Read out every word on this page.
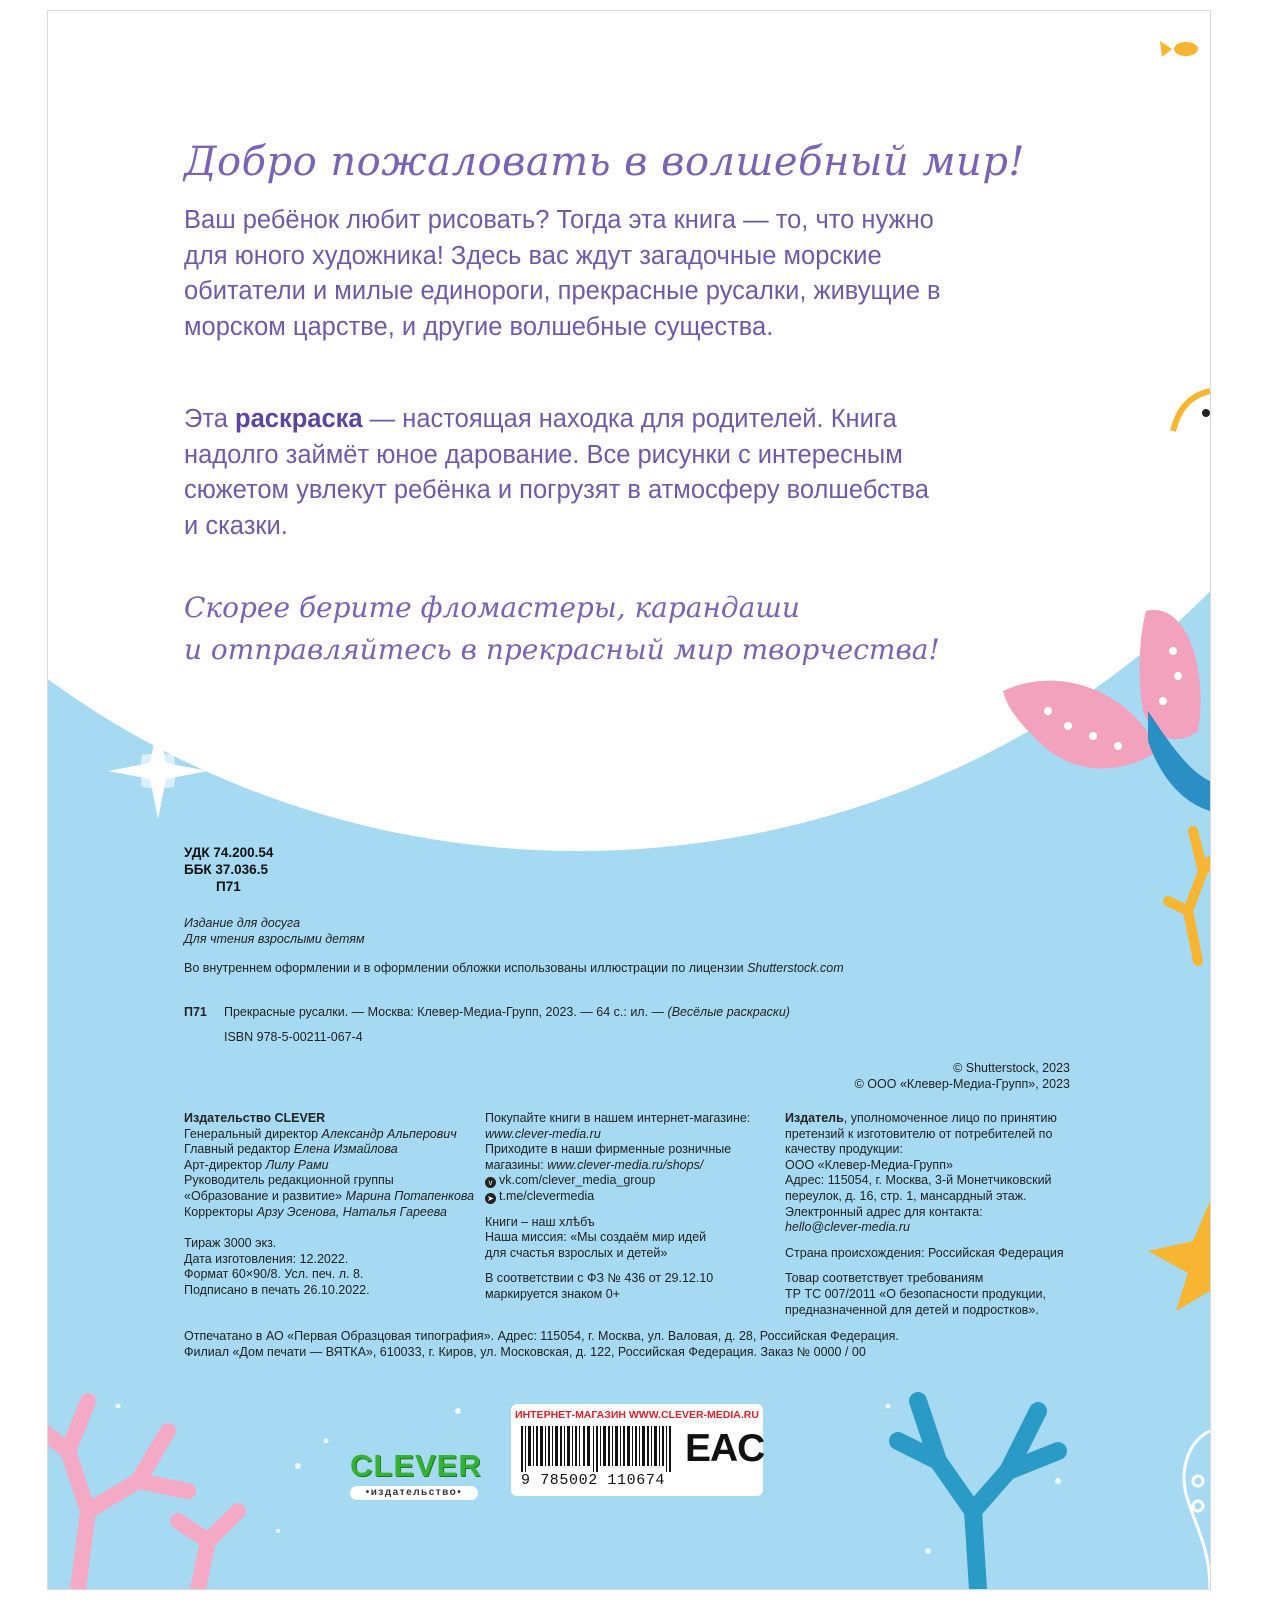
Добро пожаловать в волшебный мир!

Ваш ребёнок любит рисовать? Тогда эта книга — то, что нужно для юного художника! Здесь вас ждут загадочные морские обитатели и милые единороги, прекрасные русалки, живущие в морском царстве, и другие волшебные существа.

Эта раскраска — настоящая находка для родителей. Книга надолго займёт юное дарование. Все рисунки с интересным сюжетом увлекут ребёнка и погрузят в атмосферу волшебства и сказки.

Скорее берите фломастеры, карандаши
и отправляйтесь в прекрасный мир творчества!
УДК 74.200.54
ББК 37.036.5
П71
Издание для досуга
Для чтения взрослыми детям
Во внутреннем оформлении и в оформлении обложки использованы иллюстрации по лицензии Shutterstock.com
П71 Прекрасные русалки. — Москва: Клевер-Медиа-Групп, 2023. — 64 с.: ил. — (Весёлые раскраски)
ISBN 978-5-00211-067-4
© Shutterstock, 2023
© ООО «Клевер-Медиа-Групп», 2023
Издательство CLEVER
Генеральный директор Александр Альперович
Главный редактор Елена Измайлова
Арт-директор Лилу Рами
Руководитель редакционной группы
«Образование и развитие» Марина Потапенкова
Корректоры Арзу Эсенова, Наталья Гареева
Тираж 3000 экз.
Дата изготовления: 12.2022.
Формат 60×90/8. Усл. печ. л. 8.
Подписано в печать 26.10.2022.
Покупайте книги в нашем интернет-магазине:
www.clever-media.ru
Приходите в наши фирменные розничные
магазины: www.clever-media.ru/shops/
v vk.com/clever_media_group
➤ t.me/clevermedia
Книги – наш хлѣбъ
Наша миссия: «Мы создаём мир идей
для счастья взрослых и детей»
В соответствии с ФЗ № 436 от 29.12.10
маркируется знаком 0+
Издатель, уполномоченное лицо по принятию
претензий к изготовителю от потребителей по
качеству продукции:
ООО «Клевер-Медиа-Групп»
Адрес: 115054, г. Москва, 3-й Монетчиковский
переулок, д. 16, стр. 1, мансардный этаж.
Электронный адрес для контакта:
hello@clever-media.ru
Страна происхождения: Российская Федерация
Товар соответствует требованиям
ТР ТС 007/2011 «О безопасности продукции,
предназначенной для детей и подростков».
Отпечатано в АО «Первая Образцовая типография». Адрес: 115054, г. Москва, ул. Валовая, д. 28, Российская Федерация.
Филиал «Дом печати — ВЯТКА», 610033, г. Киров, ул. Московская, д. 122, Российская Федерация. Заказ № 0000 / 00
CLEVER
•издательство•
ИНТЕРНЕТ-МАГАЗИН WWW.CLEVER-MEDIA.RU
9 785002 110674
EAC
